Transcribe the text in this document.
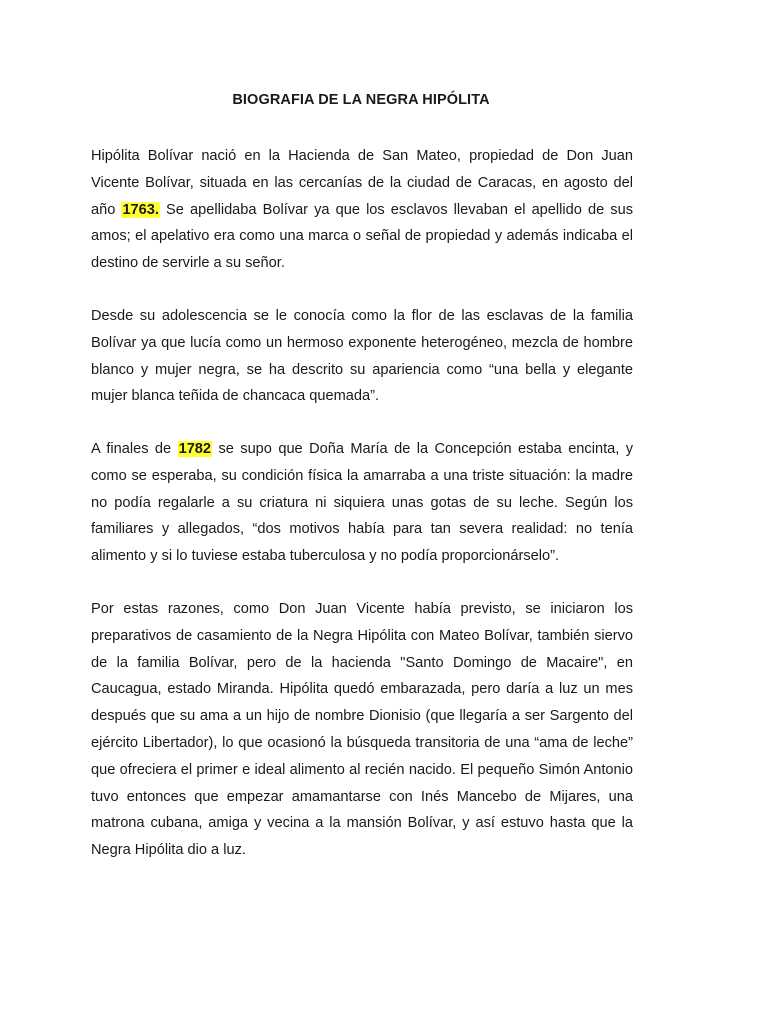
BIOGRAFIA DE LA NEGRA HIPÓLITA

Hipólita Bolívar nació en la Hacienda de San Mateo, propiedad de Don Juan Vicente Bolívar, situada en las cercanías de la ciudad de Caracas, en agosto del año 1763. Se apellidaba Bolívar ya que los esclavos llevaban el apellido de sus amos; el apelativo era como una marca o señal de propiedad y además indicaba el destino de servirle a su señor.

Desde su adolescencia se le conocía como la flor de las esclavas de la familia Bolívar ya que lucía como un hermoso exponente heterogéneo, mezcla de hombre blanco y mujer negra, se ha descrito su apariencia como “una bella y elegante mujer blanca teñida de chancaca quemada”.

A finales de 1782 se supo que Doña María de la Concepción estaba encinta, y como se esperaba, su condición física la amarraba a una triste situación: la madre no podía regalarle a su criatura ni siquiera unas gotas de su leche. Según los familiares y allegados, “dos motivos había para tan severa realidad: no tenía alimento y si lo tuviese estaba tuberculosa y no podía proporcionárselo”.

Por estas razones, como Don Juan Vicente había previsto, se iniciaron los preparativos de casamiento de la Negra Hipólita con Mateo Bolívar, también siervo de la familia Bolívar, pero de la hacienda "Santo Domingo de Macaire", en Caucagua, estado Miranda. Hipólita quedó embarazada, pero daría a luz un mes después que su ama a un hijo de nombre Dionisio (que llegaría a ser Sargento del ejército Libertador), lo que ocasionó la búsqueda transitoria de una “ama de leche” que ofreciera el primer e ideal alimento al recién nacido. El pequeño Simón Antonio tuvo entonces que empezar amamantarse con Inés Mancebo de Mijares, una matrona cubana, amiga y vecina a la mansión Bolívar, y así estuvo hasta que la Negra Hipólita dio a luz.
